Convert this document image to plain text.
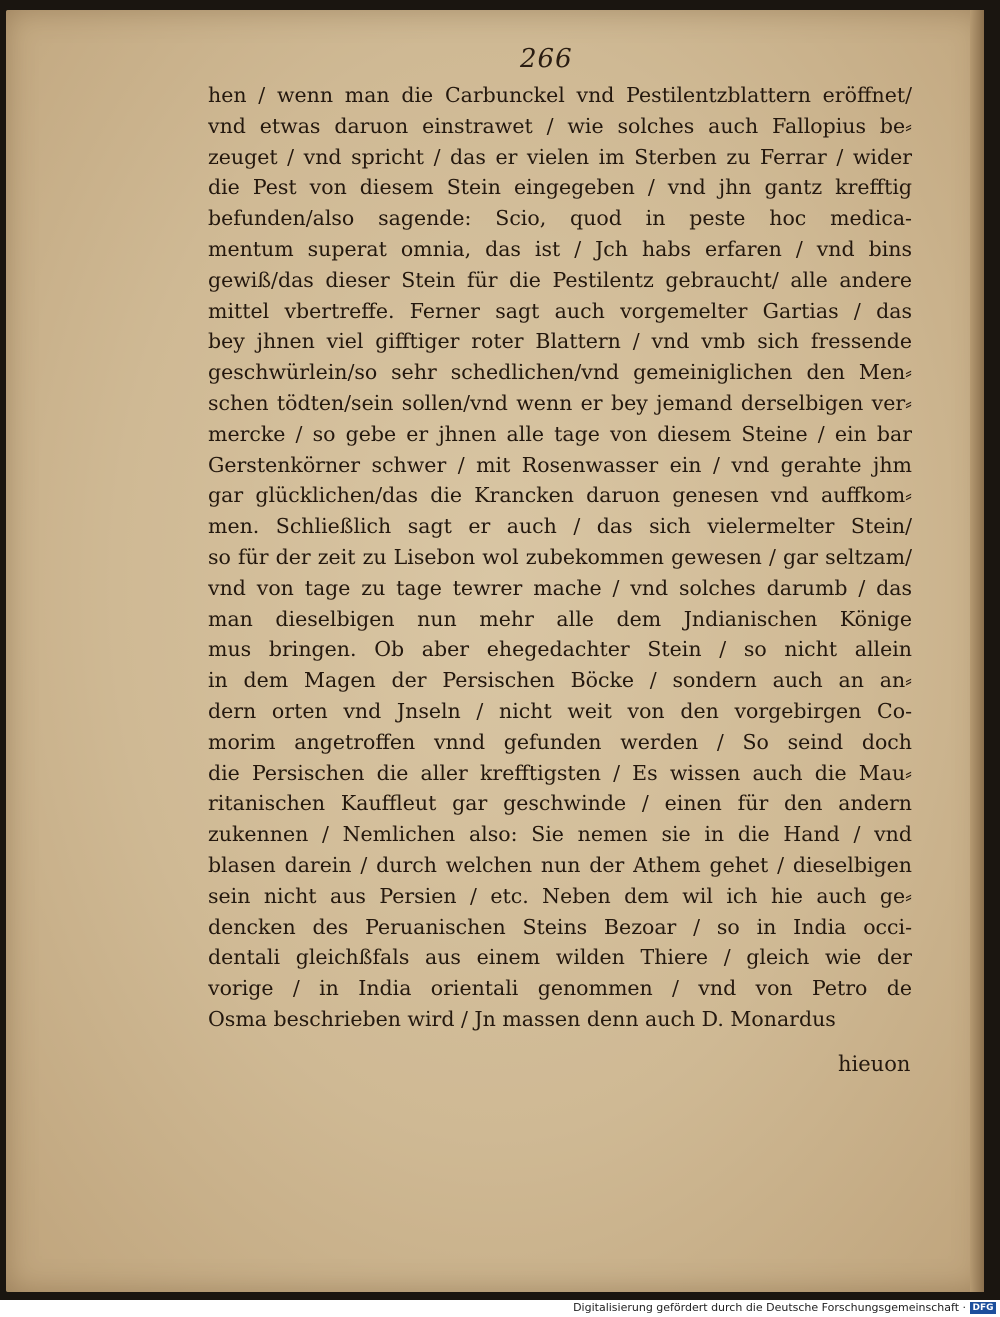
266
hen / wenn man die Carbunckel vnd Pestilentzblattern eröffnet/
vnd etwas daruon einstrawet / wie solches auch Fallopius be⸗
zeuget / vnd spricht / das er vielen im Sterben zu Ferrar / wider
die Pest von diesem Stein eingegeben / vnd jhn gantz krefftig
befunden/also sagende: Scio, quod in peste hoc medica-
mentum superat omnia, das ist / Jch habs erfaren / vnd bins
gewiß/das dieser Stein für die Pestilentz gebraucht/ alle andere
mittel vbertreffe. Ferner sagt auch vorgemelter Gartias / das
bey jhnen viel gifftiger roter Blattern / vnd vmb sich fressende
geschwürlein/so sehr schedlichen/vnd gemeiniglichen den Men⸗
schen tödten/sein sollen/vnd wenn er bey jemand derselbigen ver⸗
mercke / so gebe er jhnen alle tage von diesem Steine / ein bar
Gerstenkörner schwer / mit Rosenwasser ein / vnd gerahte jhm
gar glücklichen/das die Krancken daruon genesen vnd auffkom⸗
men. Schließlich sagt er auch / das sich vielermelter Stein/
so für der zeit zu Lisebon wol zubekommen gewesen / gar seltzam/
vnd von tage zu tage tewrer mache / vnd solches darumb / das
man dieselbigen nun mehr alle dem Jndianischen Könige
mus bringen. Ob aber ehegedachter Stein / so nicht allein
in dem Magen der Persischen Böcke / sondern auch an an⸗
dern orten vnd Jnseln / nicht weit von den vorgebirgen Co-
morim angetroffen vnnd gefunden werden / So seind doch
die Persischen die aller krefftigsten / Es wissen auch die Mau⸗
ritanischen Kauffleut gar geschwinde / einen für den andern
zukennen / Nemlichen also: Sie nemen sie in die Hand / vnd
blasen darein / durch welchen nun der Athem gehet / dieselbigen
sein nicht aus Persien / etc. Neben dem wil ich hie auch ge⸗
dencken des Peruanischen Steins Bezoar / so in India occi-
dentali gleichßfals aus einem wilden Thiere / gleich wie der
vorige / in India orientali genommen / vnd von Petro de
Osma beschrieben wird / Jn massen denn auch D. Monardus
hieuon
Digitalisierung gefördert durch die Deutsche Forschungsgemeinschaft · DFG
